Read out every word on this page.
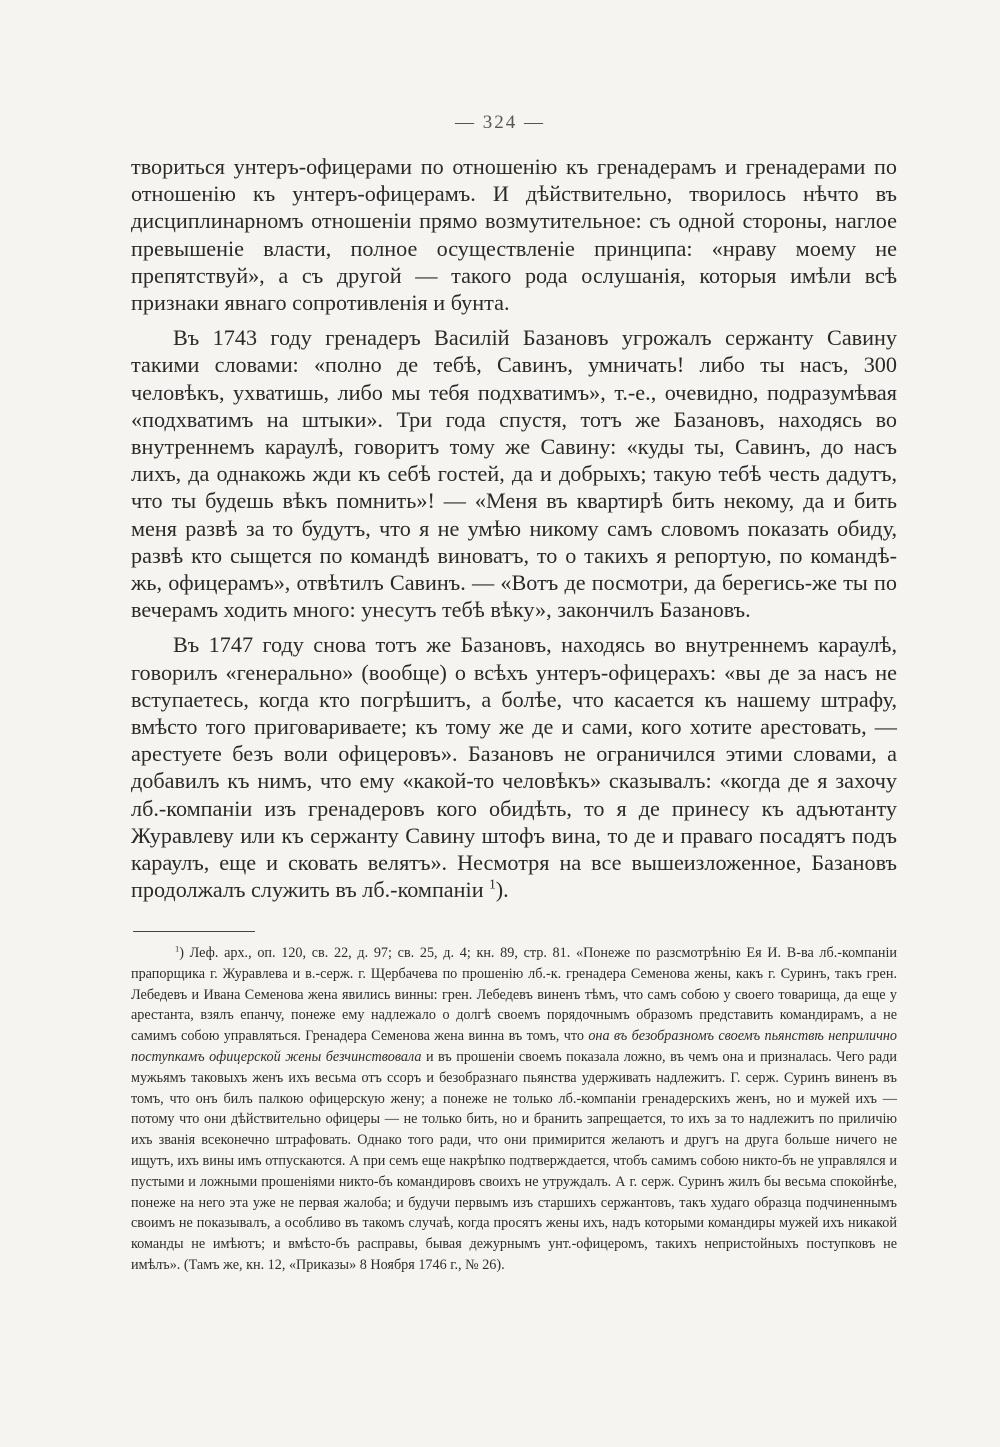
— 324 —

твориться унтеръ-офицерами по отношенію къ гренадерамъ и гренадерами по отношенію къ унтеръ-офицерамъ. И дѣйствительно, творилось нѣчто въ дисциплинарномъ отношеніи прямо возмутительное: съ одной стороны, наглое превышеніе власти, полное осуществленіе принципа: «нраву моему не препятствуй», а съ другой — такого рода ослушанія, которыя имѣли всѣ признаки явнаго сопротивленія и бунта.

Въ 1743 году гренадеръ Василій Базановъ угрожалъ сержанту Савину такими словами: «полно де тебѣ, Савинъ, умничать! либо ты насъ, 300 человѣкъ, ухватишь, либо мы тебя подхватимъ», т.-е., очевидно, подразумѣвая «подхватимъ на штыки». Три года спустя, тотъ же Базановъ, находясь во внутреннемъ караулѣ, говоритъ тому же Савину: «куды ты, Савинъ, до насъ лихъ, да однакожь жди къ себѣ гостей, да и добрыхъ; такую тебѣ честь дадутъ, что ты будешь вѣкъ помнить»! — «Меня въ квартирѣ бить некому, да и бить меня развѣ за то будутъ, что я не умѣю никому самъ словомъ показать обиду, развѣ кто сыщется по командѣ виноватъ, то о такихъ я репортую, по командѣ-жь, офицерамъ», отвѣтилъ Савинъ. — «Вотъ де посмотри, да берегись-же ты по вечерамъ ходить много: унесутъ тебѣ вѣку», закончилъ Базановъ.

Въ 1747 году снова тотъ же Базановъ, находясь во внутреннемъ караулѣ, говорилъ «генерально» (вообще) о всѣхъ унтеръ-офицерахъ: «вы де за насъ не вступаетесь, когда кто погрѣшитъ, а болѣе, что касается къ нашему штрафу, вмѣсто того приговариваете; къ тому же де и сами, кого хотите арестовать, — арестуете безъ воли офицеровъ». Базановъ не ограничился этими словами, а добавилъ къ нимъ, что ему «какой-то человѣкъ» сказывалъ: «когда де я захочу лб.-компаніи изъ гренадеровъ кого обидѣть, то я де принесу къ адъютанту Журавлеву или къ сержанту Савину штофъ вина, то де и праваго посадятъ подъ караулъ, еще и сковать велятъ». Несмотря на все вышеизложенное, Базановъ продолжалъ служить въ лб.-компаніи $^1$).

$^1$) Леф. арх., оп. 120, св. 22, д. 97; св. 25, д. 4; кн. 89, стр. 81. «Понеже по разсмотрѣнію Ея И. В-ва лб.-компаніи прапорщика г. Журавлева и в.-серж. г. Щербачева по прошенію лб.-к. гренадера Семенова жены, какъ г. Суринъ, такъ грен. Лебедевъ и Ивана Семенова жена явились винны: грен. Лебедевъ виненъ тѣмъ, что самъ собою у своего товарища, да еще у арестанта, взялъ епанчу, понеже ему надлежало о долгѣ своемъ порядочнымъ образомъ представить командирамъ, а не самимъ собою управляться. Гренадера Семенова жена винна въ томъ, что она въ безобразномъ своемъ пьянствѣ неприлично поступкамъ офицерской жены безчинствовала и въ прошеніи своемъ показала ложно, въ чемъ она и призналась. Чего ради мужьямъ таковыхъ женъ ихъ весьма отъ ссоръ и безобразнаго пьянства удерживать надлежитъ. Г. серж. Суринъ виненъ въ томъ, что онъ билъ палкою офицерскую жену; а понеже не только лб.-компаніи гренадерскихъ женъ, но и мужей ихъ — потому что они дѣйствительно офицеры — не только бить, но и бранить запрещается, то ихъ за то надлежитъ по приличію ихъ званія всеконечно штрафовать. Однако того ради, что они примирится желаютъ и другъ на друга больше ничего не ищутъ, ихъ вины имъ отпускаются. А при семъ еще накрѣпко подтверждается, чтобъ самимъ собою никто-бъ не управлялся и пустыми и ложными прошеніями никто-бъ командировъ своихъ не утруждалъ. А г. серж. Суринъ жилъ бы весьма спокойнѣе, понеже на него эта уже не первая жалоба; и будучи первымъ изъ старшихъ сержантовъ, такъ худаго образца подчиненнымъ своимъ не показывалъ, а особливо въ такомъ случаѣ, когда просятъ жены ихъ, надъ которыми командиры мужей ихъ никакой команды не имѣютъ; и вмѣсто-бъ расправы, бывая дежурнымъ унт.-офицеромъ, такихъ непристойныхъ поступковъ не имѣлъ». (Тамъ же, кн. 12, «Приказы» 8 Ноября 1746 г., № 26).
